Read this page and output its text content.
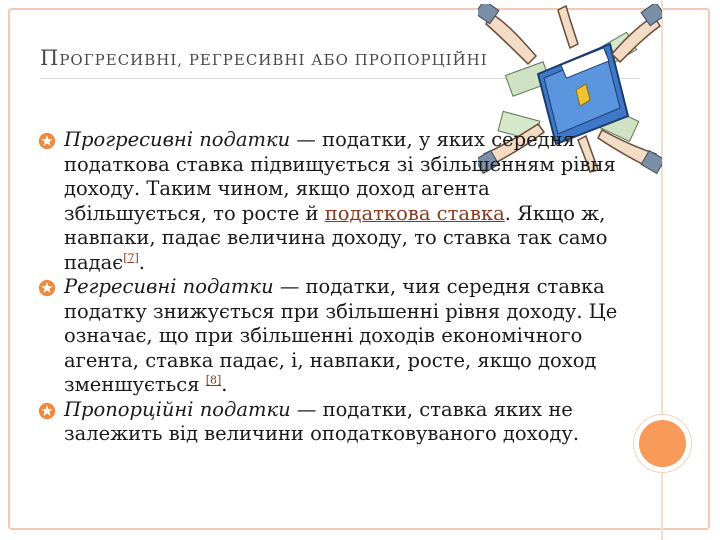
ПРОГРЕСИВНІ, РЕГРЕСИВНІ АБО ПРОПОРЦІЙНІ
Прогресивні податки — податки, у яких середня податкова ставка підвищується зі збільшенням рівня доходу. Таким чином, якщо доход агента збільшується, то росте й податкова ставка. Якщо ж, навпаки, падає величина доходу, то ставка так само падає[7].
Регресивні податки — податки, чия середня ставка податку знижується при збільшенні рівня доходу. Це означає, що при збільшенні доходів економічного агента, ставка падає, і, навпаки, росте, якщо доход зменшується [8].
Пропорційні податки — податки, ставка яких не залежить від величини оподатковуваного доходу.
